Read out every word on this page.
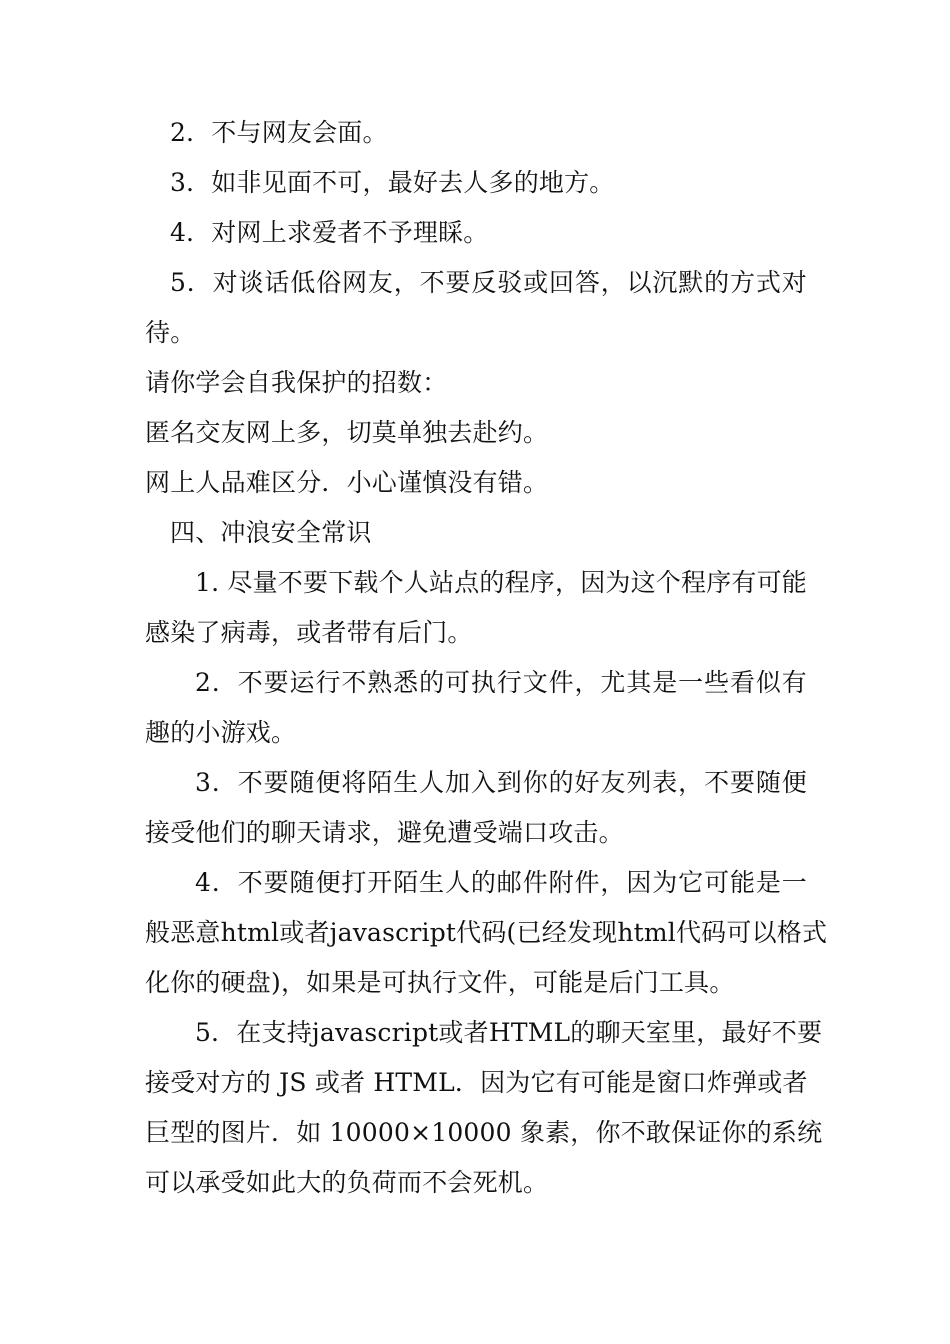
2．不与网友会面。
3．如非见面不可，最好去人多的地方。
4．对网上求爱者不予理睬。
5．对谈话低俗网友，不要反驳或回答，以沉默的方式对
待。
请你学会自我保护的招数：
匿名交友网上多，切莫单独去赴约。
网上人品难区分．小心谨慎没有错。
四、冲浪安全常识
1. 尽量不要下载个人站点的程序，因为这个程序有可能
感染了病毒，或者带有后门。
2．不要运行不熟悉的可执行文件，尤其是一些看似有
趣的小游戏。
3．不要随便将陌生人加入到你的好友列表，不要随便
接受他们的聊天请求，避免遭受端口攻击。
4．不要随便打开陌生人的邮件附件，因为它可能是一
般恶意html或者javascript代码(已经发现html代码可以格式
化你的硬盘)，如果是可执行文件，可能是后门工具。
5．在支持javascript或者HTML的聊天室里，最好不要
接受对方的 JS 或者 HTML．因为它有可能是窗口炸弹或者
巨型的图片．如 10000×10000 象素，你不敢保证你的系统
可以承受如此大的负荷而不会死机。
